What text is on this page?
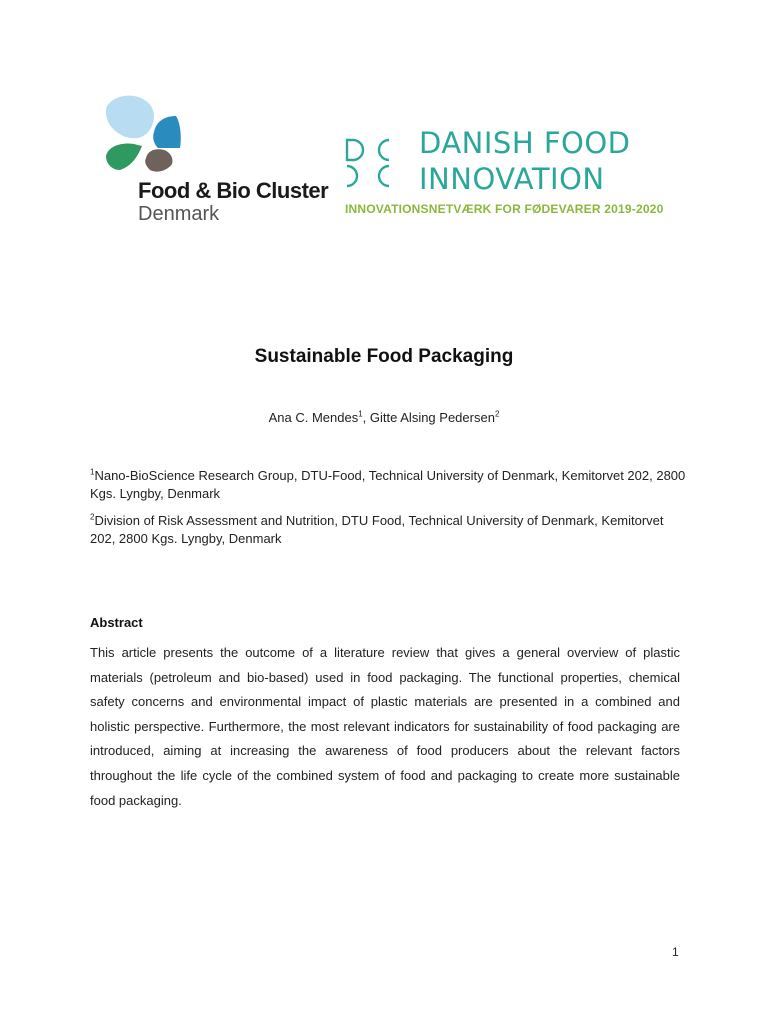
Food & Bio Cluster
Denmark
DANISH FOOD
INNOVATION
INNOVATIONSNETVÆRK FOR FØDEVARER 2019-2020
Sustainable Food Packaging
Ana C. Mendes$^1$, Gitte Alsing Pedersen$^2$
$^1$Nano-BioScience Research Group, DTU-Food, Technical University of Denmark, Kemitorvet 202, 2800 Kgs. Lyngby, Denmark
$^2$Division of Risk Assessment and Nutrition, DTU Food, Technical University of Denmark, Kemitorvet 202, 2800 Kgs. Lyngby, Denmark
Abstract
This article presents the outcome of a literature review that gives a general overview of plastic materials (petroleum and bio-based) used in food packaging. The functional properties, chemical safety concerns and environmental impact of plastic materials are presented in a combined and holistic perspective. Furthermore, the most relevant indicators for sustainability of food packaging are introduced, aiming at increasing the awareness of food producers about the relevant factors throughout the life cycle of the combined system of food and packaging to create more sustainable food packaging.
1
